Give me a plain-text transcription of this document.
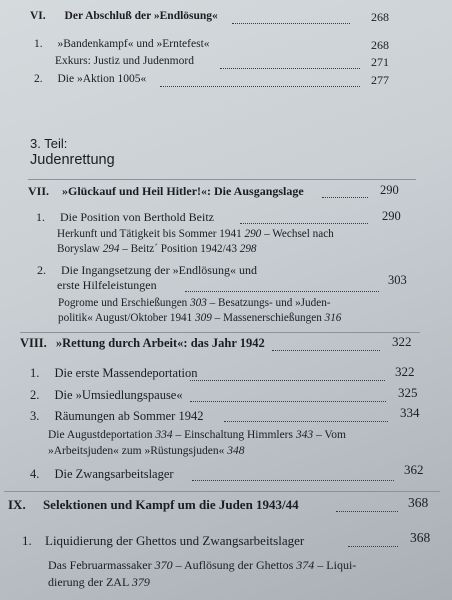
VI. Der Abschluß der »Endlösung«	268
1. »Bandenkampf« und »Erntefest«	268
Exkurs: Justiz und Judenmord	271
2. Die »Aktion 1005«	277
3. Teil:
Judenrettung
VII. »Glückauf und Heil Hitler!«: Die Ausgangslage	290
1. Die Position von Berthold Beitz	290
Herkunft und Tätigkeit bis Sommer 1941 290 – Wechsel nach
Boryslaw 294 – Beitz´ Position 1942/43 298
2. Die Ingangsetzung der »Endlösung« und
erste Hilfeleistungen	303
Pogrome und Erschießungen 303 – Besatzungs- und »Juden-
politik« August/Oktober 1941 309 – Massenerschießungen 316
VIII. »Rettung durch Arbeit«: das Jahr 1942	322
1. Die erste Massendeportation	322
2. Die »Umsiedlungspause«	325
3. Räumungen ab Sommer 1942	334
Die Augustdeportation 334 – Einschaltung Himmlers 343 – Vom
»Arbeitsjuden« zum »Rüstungsjuden« 348
4. Die Zwangsarbeitslager	362
IX. Selektionen und Kampf um die Juden 1943/44	368
1. Liquidierung der Ghettos und Zwangsarbeitslager	368
Das Februarmassaker 370 – Auflösung der Ghettos 374 – Liqui-
dierung der ZAL 379
